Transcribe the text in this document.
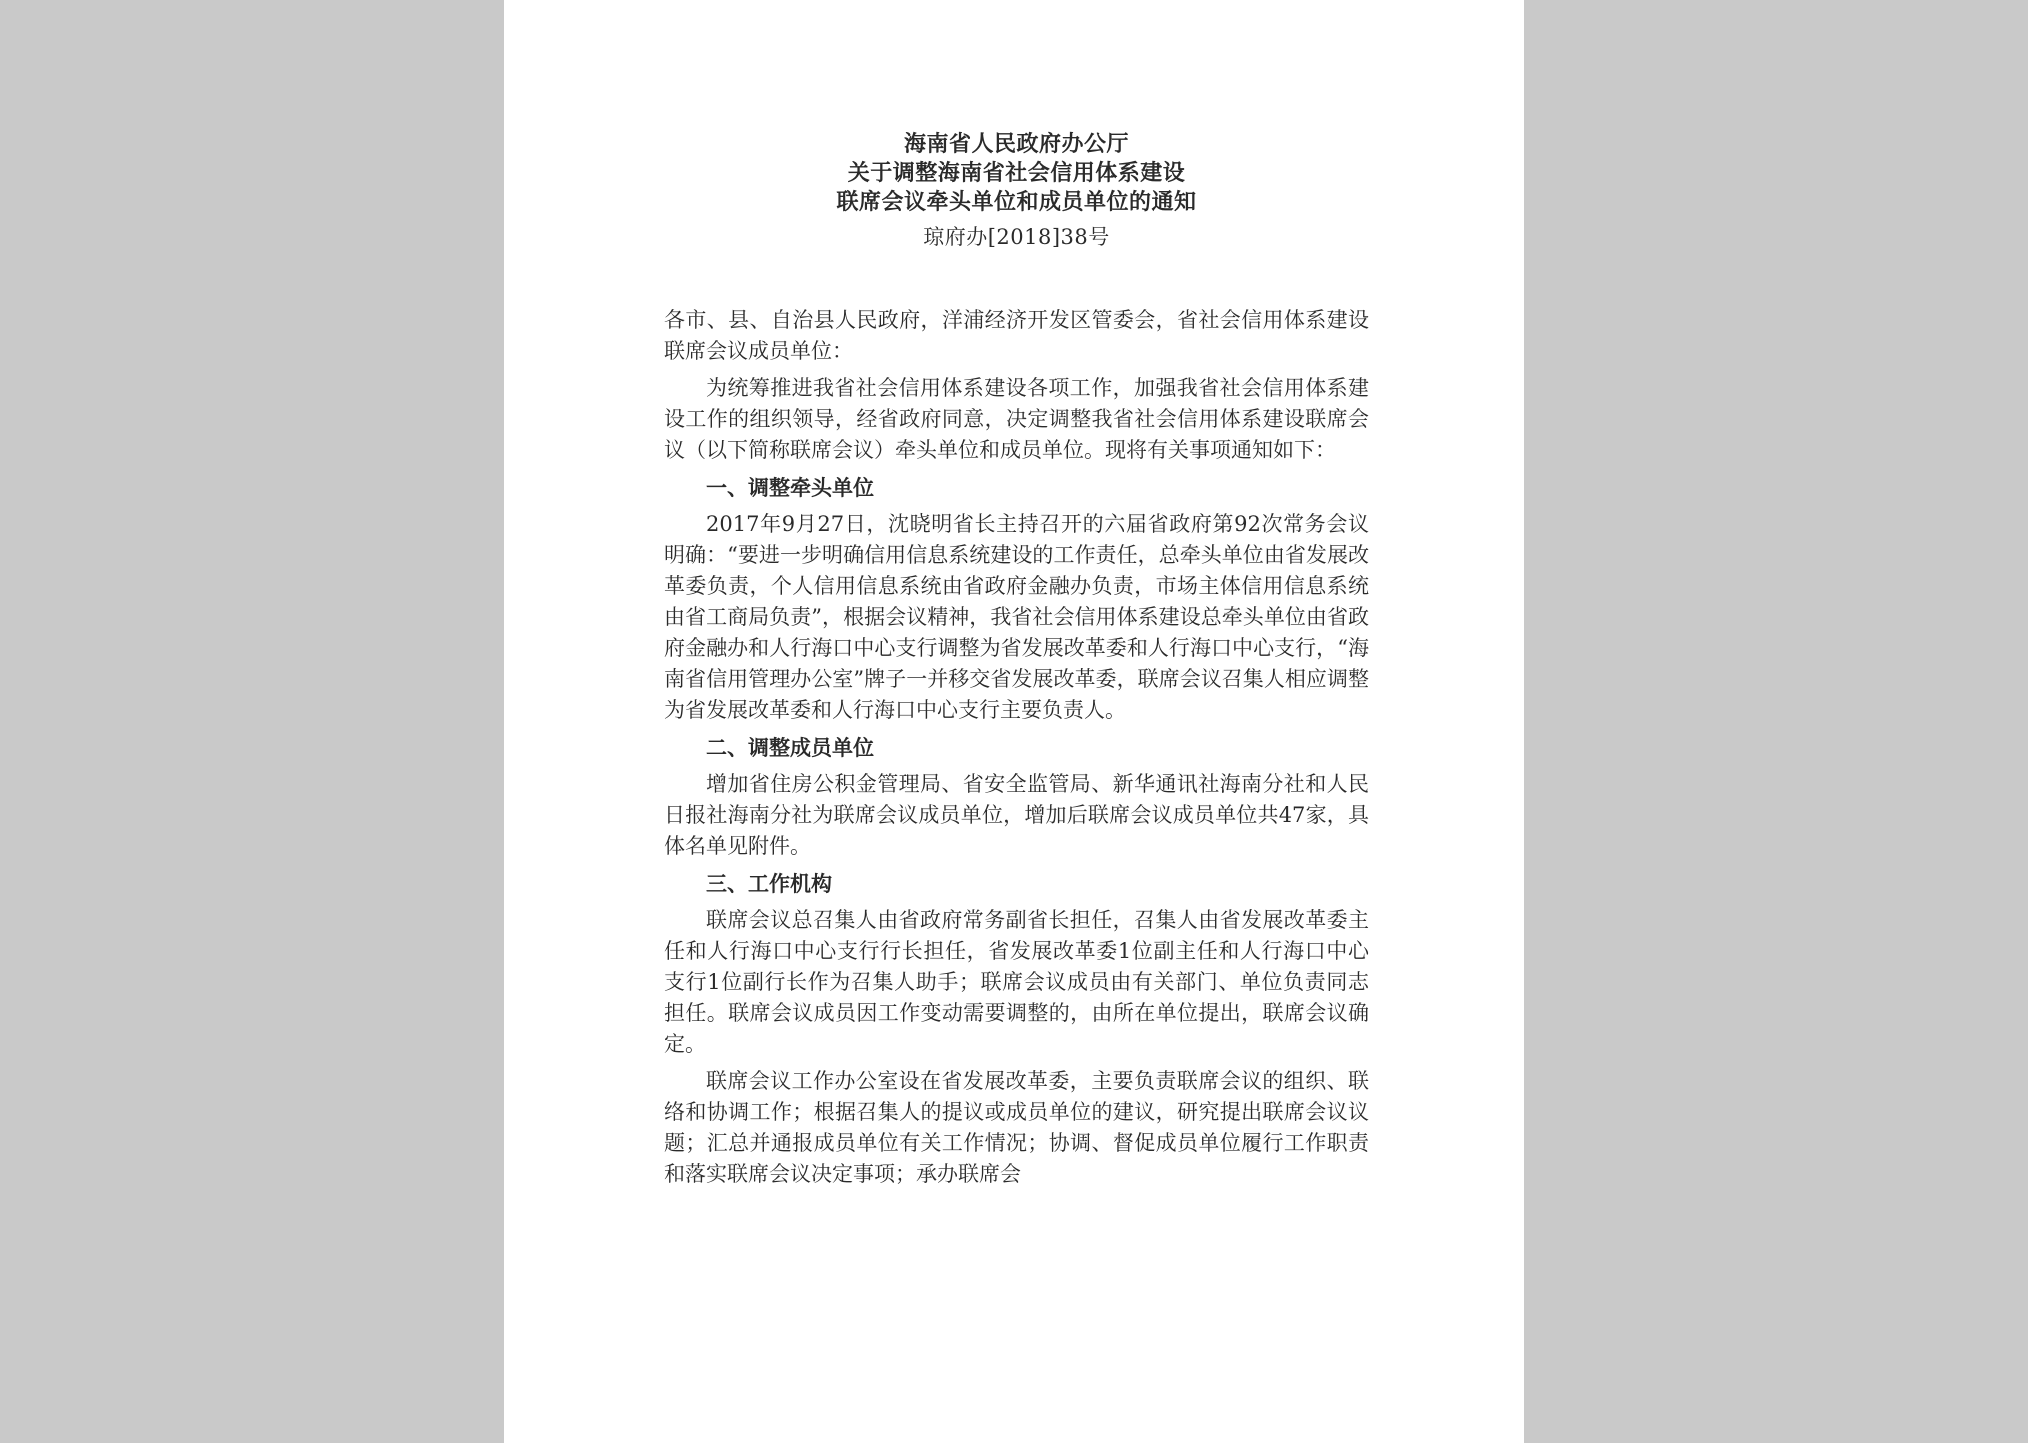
海南省人民政府办公厅

关于调整海南省社会信用体系建设

联席会议牵头单位和成员单位的通知

琼府办[2018]38号

各市、县、自治县人民政府，洋浦经济开发区管委会，省社会信用体系建设联席会议成员单位：

为统筹推进我省社会信用体系建设各项工作，加强我省社会信用体系建设工作的组织领导，经省政府同意，决定调整我省社会信用体系建设联席会议（以下简称联席会议）牵头单位和成员单位。现将有关事项通知如下：

一、调整牵头单位

2017年9月27日，沈晓明省长主持召开的六届省政府第92次常务会议明确：“要进一步明确信用信息系统建设的工作责任，总牵头单位由省发展改革委负责，个人信用信息系统由省政府金融办负责，市场主体信用信息系统由省工商局负责”，根据会议精神，我省社会信用体系建设总牵头单位由省政府金融办和人行海口中心支行调整为省发展改革委和人行海口中心支行，“海南省信用管理办公室”牌子一并移交省发展改革委，联席会议召集人相应调整为省发展改革委和人行海口中心支行主要负责人。

二、调整成员单位

增加省住房公积金管理局、省安全监管局、新华通讯社海南分社和人民日报社海南分社为联席会议成员单位，增加后联席会议成员单位共47家，具体名单见附件。

三、工作机构

联席会议总召集人由省政府常务副省长担任，召集人由省发展改革委主任和人行海口中心支行行长担任，省发展改革委1位副主任和人行海口中心支行1位副行长作为召集人助手；联席会议成员由有关部门、单位负责同志担任。联席会议成员因工作变动需要调整的，由所在单位提出，联席会议确定。

联席会议工作办公室设在省发展改革委，主要负责联席会议的组织、联络和协调工作；根据召集人的提议或成员单位的建议，研究提出联席会议议题；汇总并通报成员单位有关工作情况；协调、督促成员单位履行工作职责和落实联席会议决定事项；承办联席会
